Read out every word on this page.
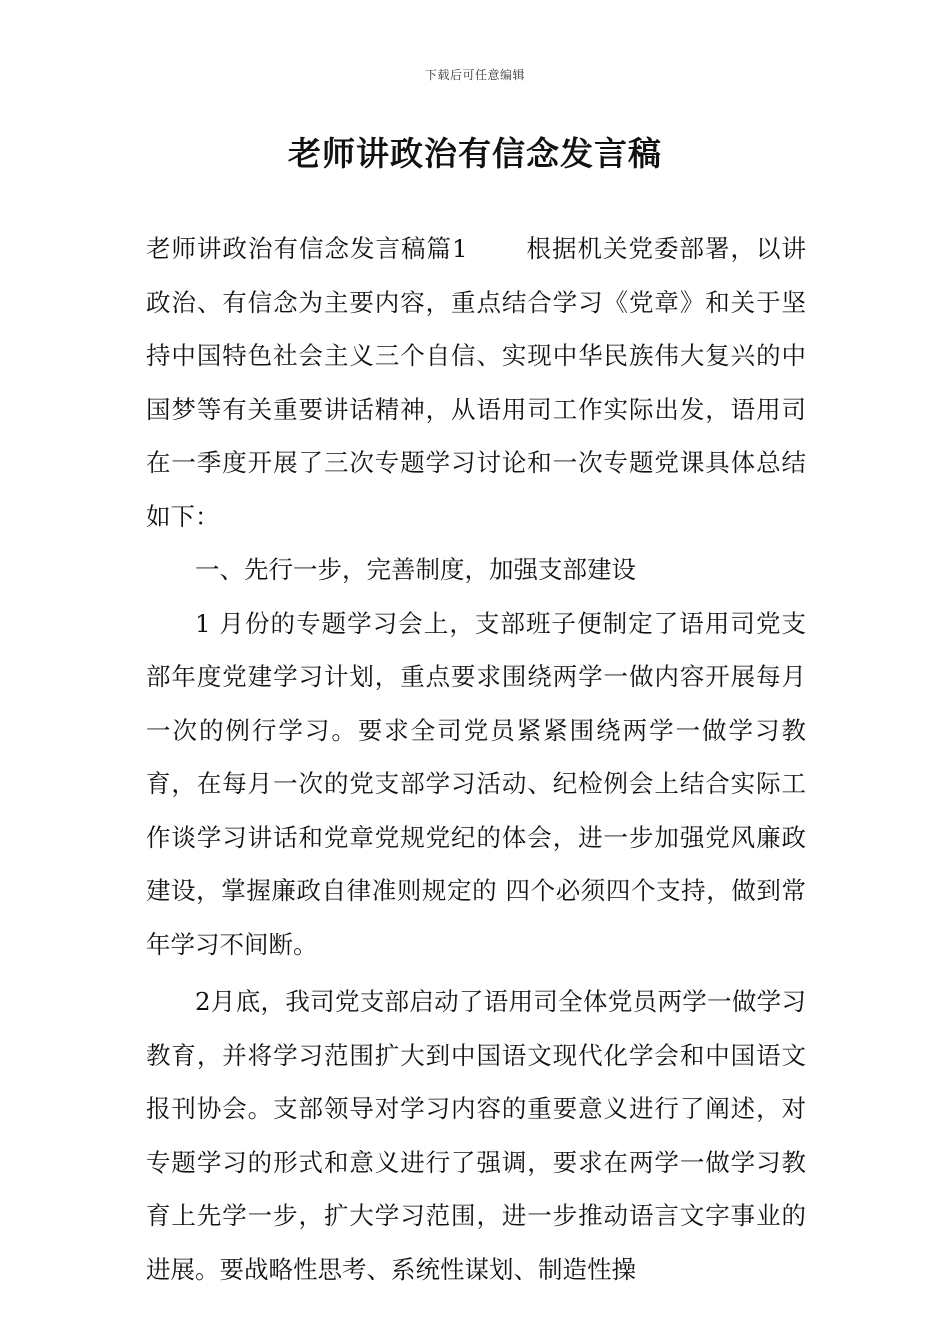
下载后可任意编辑
老师讲政治有信念发言稿

老师讲政治有信念发言稿篇1 根据机关党委部署，以讲政治、有信念为主要内容，重点结合学习《党章》和关于坚持中国特色社会主义三个自信、实现中华民族伟大复兴的中国梦等有关重要讲话精神，从语用司工作实际出发，语用司在一季度开展了三次专题学习讨论和一次专题党课具体总结如下：

一、先行一步，完善制度，加强支部建设

1 月份的专题学习会上，支部班子便制定了语用司党支部年度党建学习计划，重点要求围绕两学一做内容开展每月一次的例行学习。要求全司党员紧紧围绕两学一做学习教育，在每月一次的党支部学习活动、纪检例会上结合实际工作谈学习讲话和党章党规党纪的体会，进一步加强党风廉政建设，掌握廉政自律准则规定的 四个必须四个支持，做到常年学习不间断。

2月底，我司党支部启动了语用司全体党员两学一做学习教育，并将学习范围扩大到中国语文现代化学会和中国语文报刊协会。支部领导对学习内容的重要意义进行了阐述，对专题学习的形式和意义进行了强调，要求在两学一做学习教育上先学一步，扩大学习范围，进一步推动语言文字事业的进展。要战略性思考、系统性谋划、制造性操
